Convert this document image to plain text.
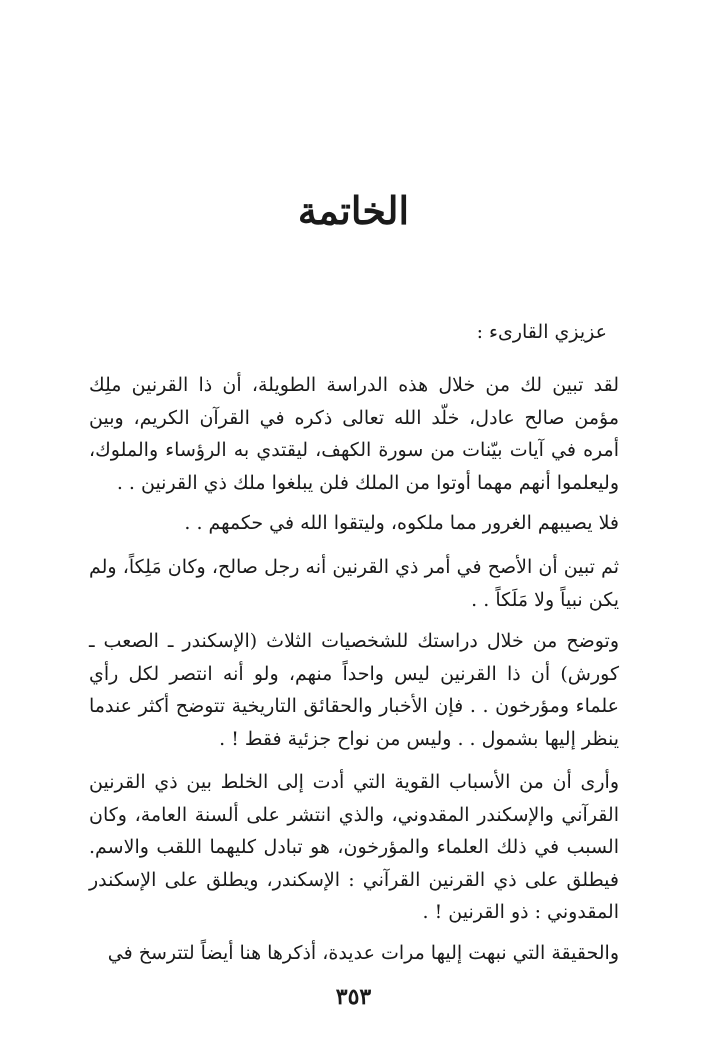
الخاتمة
عزيزي القارىء :

لقد تبين لك من خلال هذه الدراسة الطويلة، أن ذا القرنين ملِك مؤمن صالح عادل، خلّد الله تعالى ذكره في القرآن الكريم، وبين أمره في آيات بيّنات من سورة الكهف، ليقتدي به الرؤساء والملوك، وليعلموا أنهم مهما أوتوا من الملك فلن يبلغوا ملك ذي القرنين . .

فلا يصيبهم الغرور مما ملكوه، وليتقوا الله في حكمهم . .

ثم تبين أن الأصح في أمر ذي القرنين أنه رجل صالح، وكان مَلِكاً، ولم يكن نبياً ولا مَلَكاً . .

وتوضح من خلال دراستك للشخصيات الثلاث (الإسكندر ـ الصعب ـ كورش) أن ذا القرنين ليس واحداً منهم، ولو أنه انتصر لكل رأي علماء ومؤرخون . . فإن الأخبار والحقائق التاريخية تتوضح أكثر عندما ينظر إليها بشمول . . وليس من نواح جزئية فقط ! .

وأرى أن من الأسباب القوية التي أدت إلى الخلط بين ذي القرنين القرآني والإسكندر المقدوني، والذي انتشر على ألسنة العامة، وكان السبب في ذلك العلماء والمؤرخون، هو تبادل كليهما اللقب والاسم. فيطلق على ذي القرنين القرآني : الإسكندر، ويطلق على الإسكندر المقدوني : ذو القرنين ! .

والحقيقة التي نبهت إليها مرات عديدة، أذكرها هنا أيضاً لتترسخ في

٣٥٣
